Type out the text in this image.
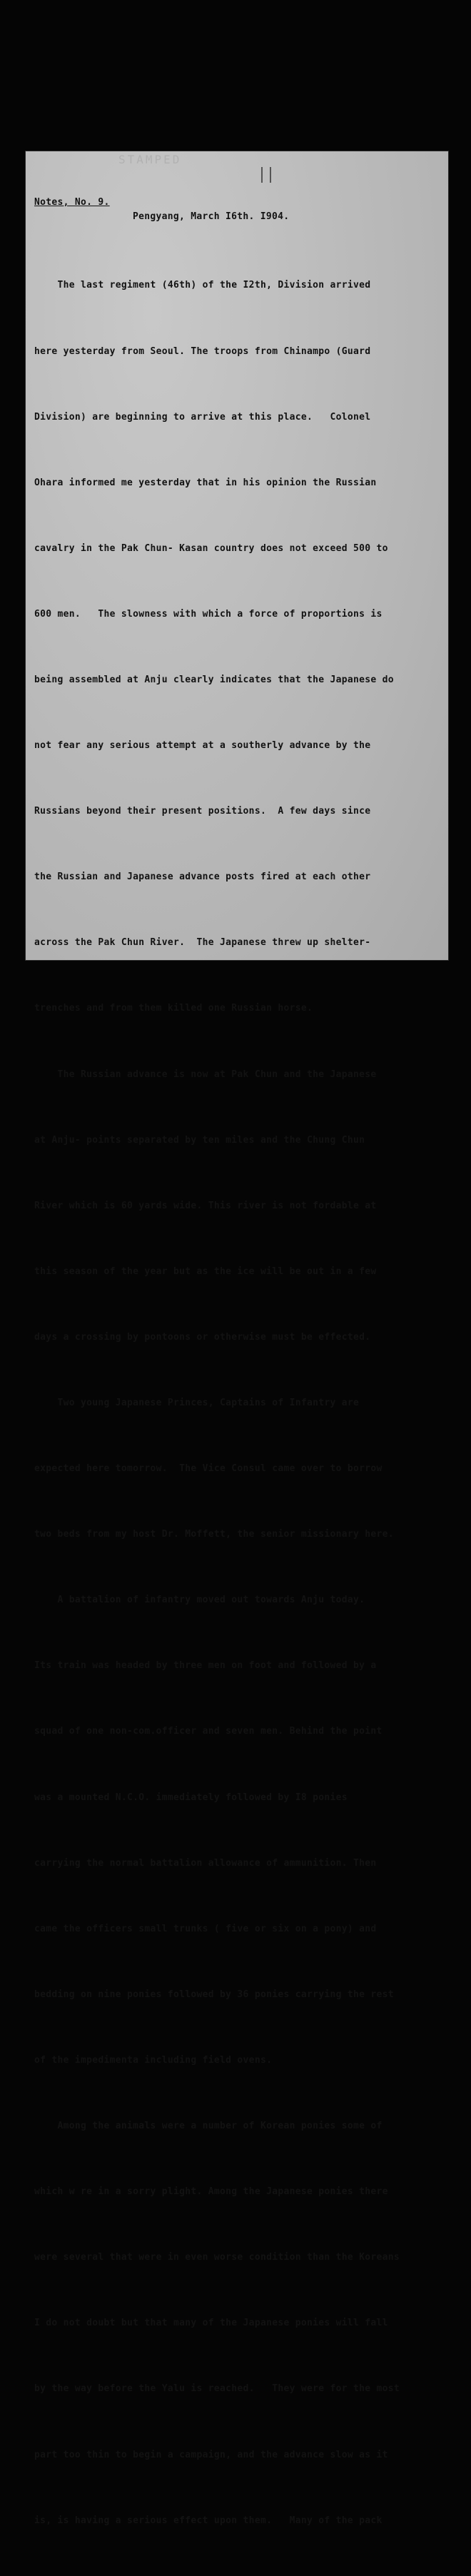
STAMPED
Notes, No. 9.
Pengyang, March I6th. I904.

The last regiment (46th) of the I2th, Division arrived

here yesterday from Seoul. The troops from Chinampo (Guard

Division) are beginning to arrive at this place.   Colonel

Ohara informed me yesterday that in his opinion the Russian

cavalry in the Pak Chun- Kasan country does not exceed 500 to

600 men.   The slowness with which a force of proportions is

being assembled at Anju clearly indicates that the Japanese do

not fear any serious attempt at a southerly advance by the

Russians beyond their present positions.  A few days since

the Russian and Japanese advance posts fired at each other

across the Pak Chun River.  The Japanese threw up shelter-

trenches and from them killed one Russian horse.

The Russian advance is now at Pak Chun and the Japanese

at Anju- points separated by ten miles and the Chung Chun

River which is 60 yards wide. This river is not fordable at

this season of the year but as the ice will be out in a few

days a crossing by pontoons or otherwise must be effected.

Two young Japanese Princes, Captains of Infantry are

expected here tomorrow.  The Vice Consul came over to borrow

two beds from my host Dr. Moffett, the senior missionary here.

A battalion of infantry moved out towards Anju today.

Its train was headed by three men on foot and followed by a

squad of one non-com.officer and seven men. Behind the point

was a mounted N.C.O. immediately followed by I8 ponies

carrying the normal battalion allowance of ammunition. Then

came the officers small trunks ( five or six on a pony) and

bedding on nine ponies followed by 36 ponies carrying the rest

of the impedimenta including field ovens.

Among the animals were a number of Korean ponies some of

which w re in a sorry plight. Among the Japanese ponies there

were several that were in even worse condition than the Koreans

I do not doubt but that many of the Japanese ponies will fall

by the way before the Yalu is reached.   They were for the most

part too thin to begin a campaign, and the advance slow as it

is, is having a serious effect upon them.   Many of the pack
